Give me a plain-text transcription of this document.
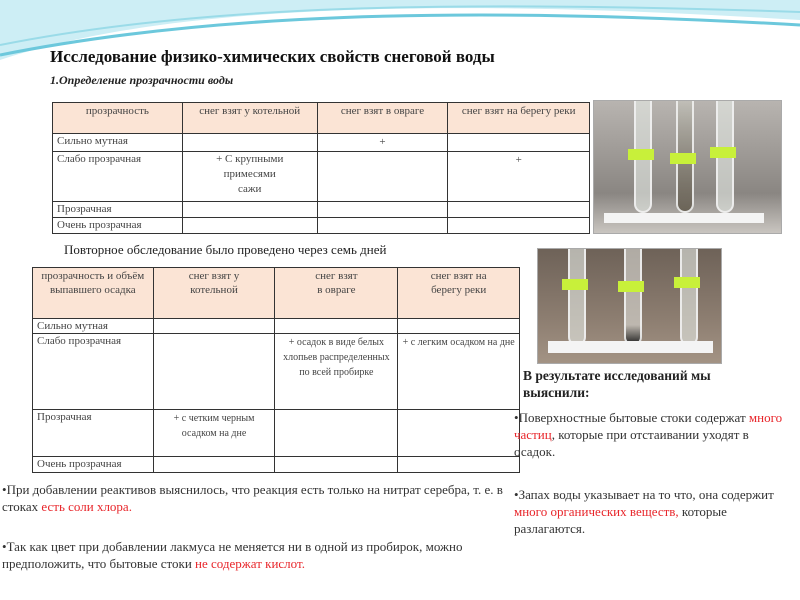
Исследование физико-химических свойств снеговой воды
1.Определение прозрачности воды
прозрачность	снег взят у котельной	снег взят в овраге	снег взят на берегу реки
Сильно мутная		+	
Слабо прозрачная	+ С крупными примесями сажи		+
Прозрачная			
Очень прозрачная			
Повторное обследование было проведено через семь дней
прозрачность и объём выпавшего осадка	снег взят у котельной	снег взят в овраге	снег взят на берегу реки
Сильно мутная			
Слабо прозрачная		+ осадок в виде белых хлопьев распределенных по всей пробирке	+ с легким осадком на дне
Прозрачная	+ с четким черным осадком на дне		
Очень прозрачная			
В результате исследований мы выяснили:
•Поверхностные бытовые стоки содержат много частиц, которые при отстаивании уходят в осадок.
•Запах воды указывает на то что, она содержит много органических веществ, которые разлагаются.
•При добавлении реактивов выяснилось, что реакция есть только на нитрат серебра, т. е. в стоках есть соли хлора.
•Так как цвет при добавлении лакмуса не меняется ни в одной из пробирок, можно предположить, что бытовые стоки не содержат кислот.
